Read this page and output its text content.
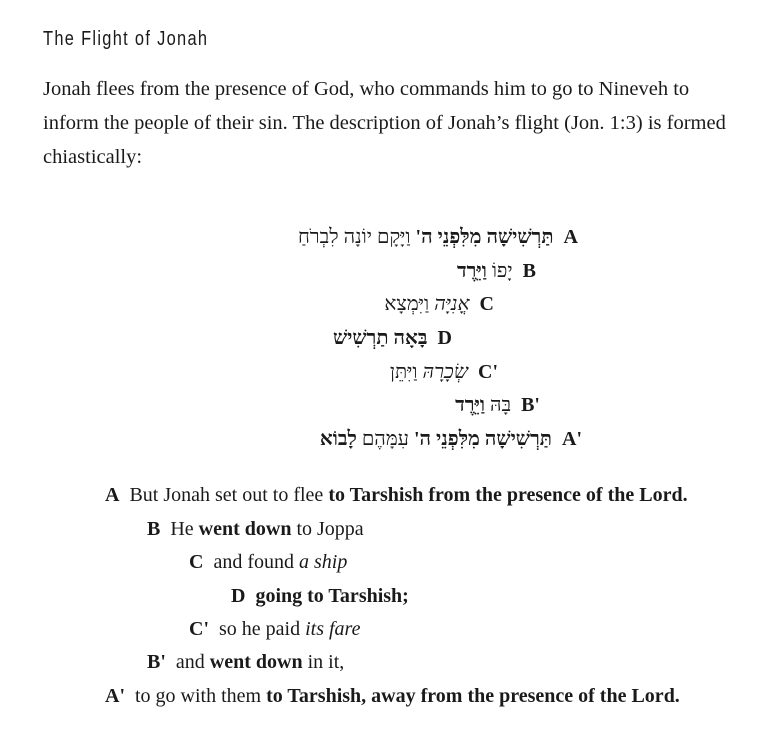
The Flight of Jonah

Jonah flees from the presence of God, who commands him to go to Nineveh to inform the people of their sin. The description of Jonah’s flight (Jon. 1:3) is formed chiastically:

תַּרְשִׁישָׁה מִלִּפְנֵי ה' וַיָּקָם יוֹנָה לִבְרֹחַ	A
יָפוֹ וַיֵּרֶד	B
אֳנִיָּה וַיִּמְצָא	C
בָּאָה תַרְשִׁישׁ D
שְׂכָרָהּ וַיִּתֵּן	C'
בָּהּ וַיֵּרֶד	B'
תַּרְשִׁישָׁה מִלִּפְנֵי ה' עִמָּהֶם לָבוֹא	A'
A But Jonah set out to flee to Tarshish from the presence of the Lord.
B He went down to Joppa
C and found a ship
D going to Tarshish;
C' so he paid its fare
B' and went down in it,
A' to go with them to Tarshish, away from the presence of the Lord.
